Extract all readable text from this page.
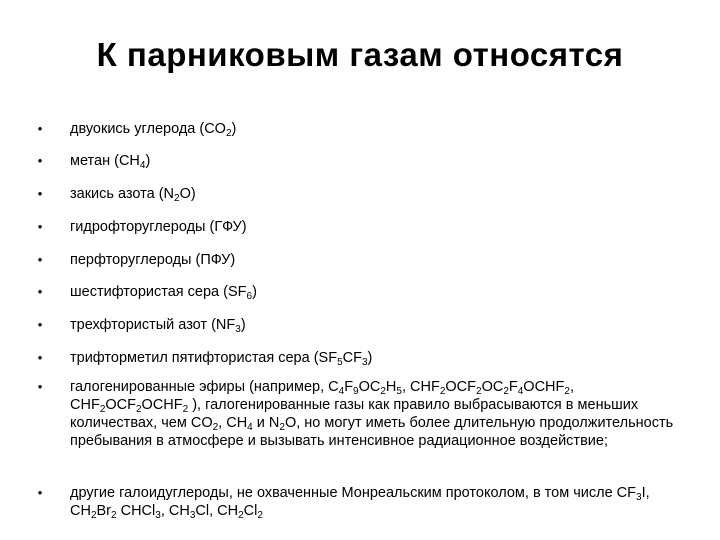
К парниковым газам относятся
• двуокись углерода $(CO_2)$
• метан $(CH_4)$
• закись азота $(N_2O)$
• гидрофторуглероды (ГФУ)
• перфторуглероды (ПФУ)
• шестифтористая сера $(SF_6)$
• трехфтористый азот $(NF_3)$
• трифторметил пятифтористая сера $(SF_5CF_3)$
• галогенированные эфиры (например, $C_4F_9OC_2H_5$, $CHF_2OCF_2OC_2F_4OCHF_2$, $CHF_2OCF_2OCHF_2$ ), галогенированные газы как правило выбрасываются в меньших количествах, чем $CO_2$, $CH_4$ и $N_2O$, но могут иметь более длительную продолжительность пребывания в атмосфере и вызывать интенсивное радиационное воздействие;
• другие галоидуглероды, не охваченные Монреальским протоколом, в том числе $CF_3I$, $CH_2Br_2$ CHCl$_3$, $CH_3Cl$, $CH_2Cl_2$
